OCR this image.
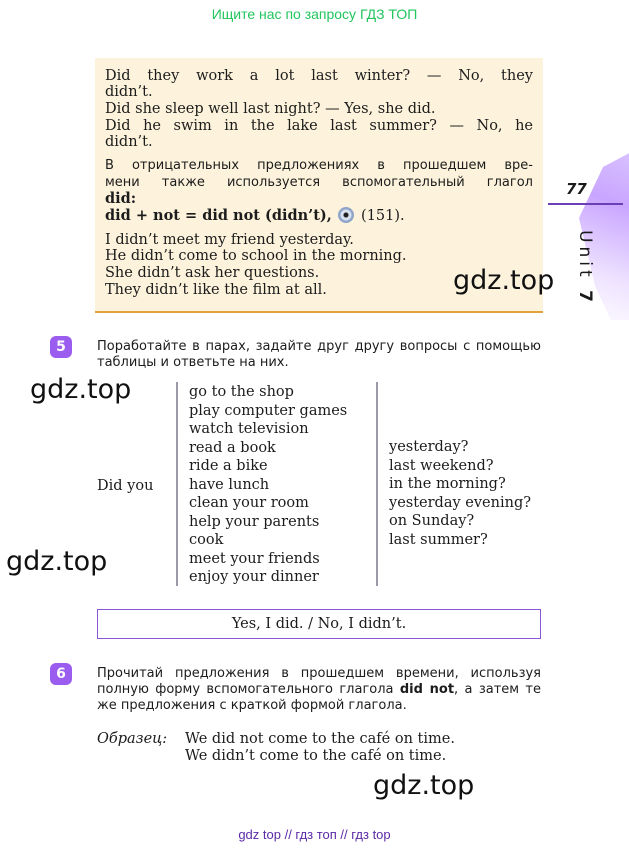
Ищите нас по запросу ГДЗ ТОП
Did they work a lot last winter? — No, they
didn’t.
Did she sleep well last night? — Yes, she did.
Did he swim in the lake last summer? — No, he
didn’t.
В отрицательных предложениях в прошедшем вре-
мени также используется вспомогательный глагол
did:
did + not = did not (didn’t), (151).
I didn’t meet my friend yesterday.
He didn’t come to school in the morning.
She didn’t ask her questions.
They didn’t like the film at all.
77
Unit 7
gdz.top
gdz.top
gdz.top
gdz.top
5	Поработайте в парах, задайте друг другу вопросы с помощью
таблицы и ответьте на них.
Did you
go to the shop
play computer games
watch television
read a book
ride a bike
have lunch
clean your room
help your parents
cook
meet your friends
enjoy your dinner
yesterday?
last weekend?
in the morning?
yesterday evening?
on Sunday?
last summer?
Yes, I did. / No, I didn’t.
6	Прочитай предложения в прошедшем времени, используя
полную форму вспомогательного глагола did not, а затем те
же предложения с краткой формой глагола.
Образец: We did not come to the café on time.
We didn’t come to the café on time.
gdz top // гдз топ // гдз top
